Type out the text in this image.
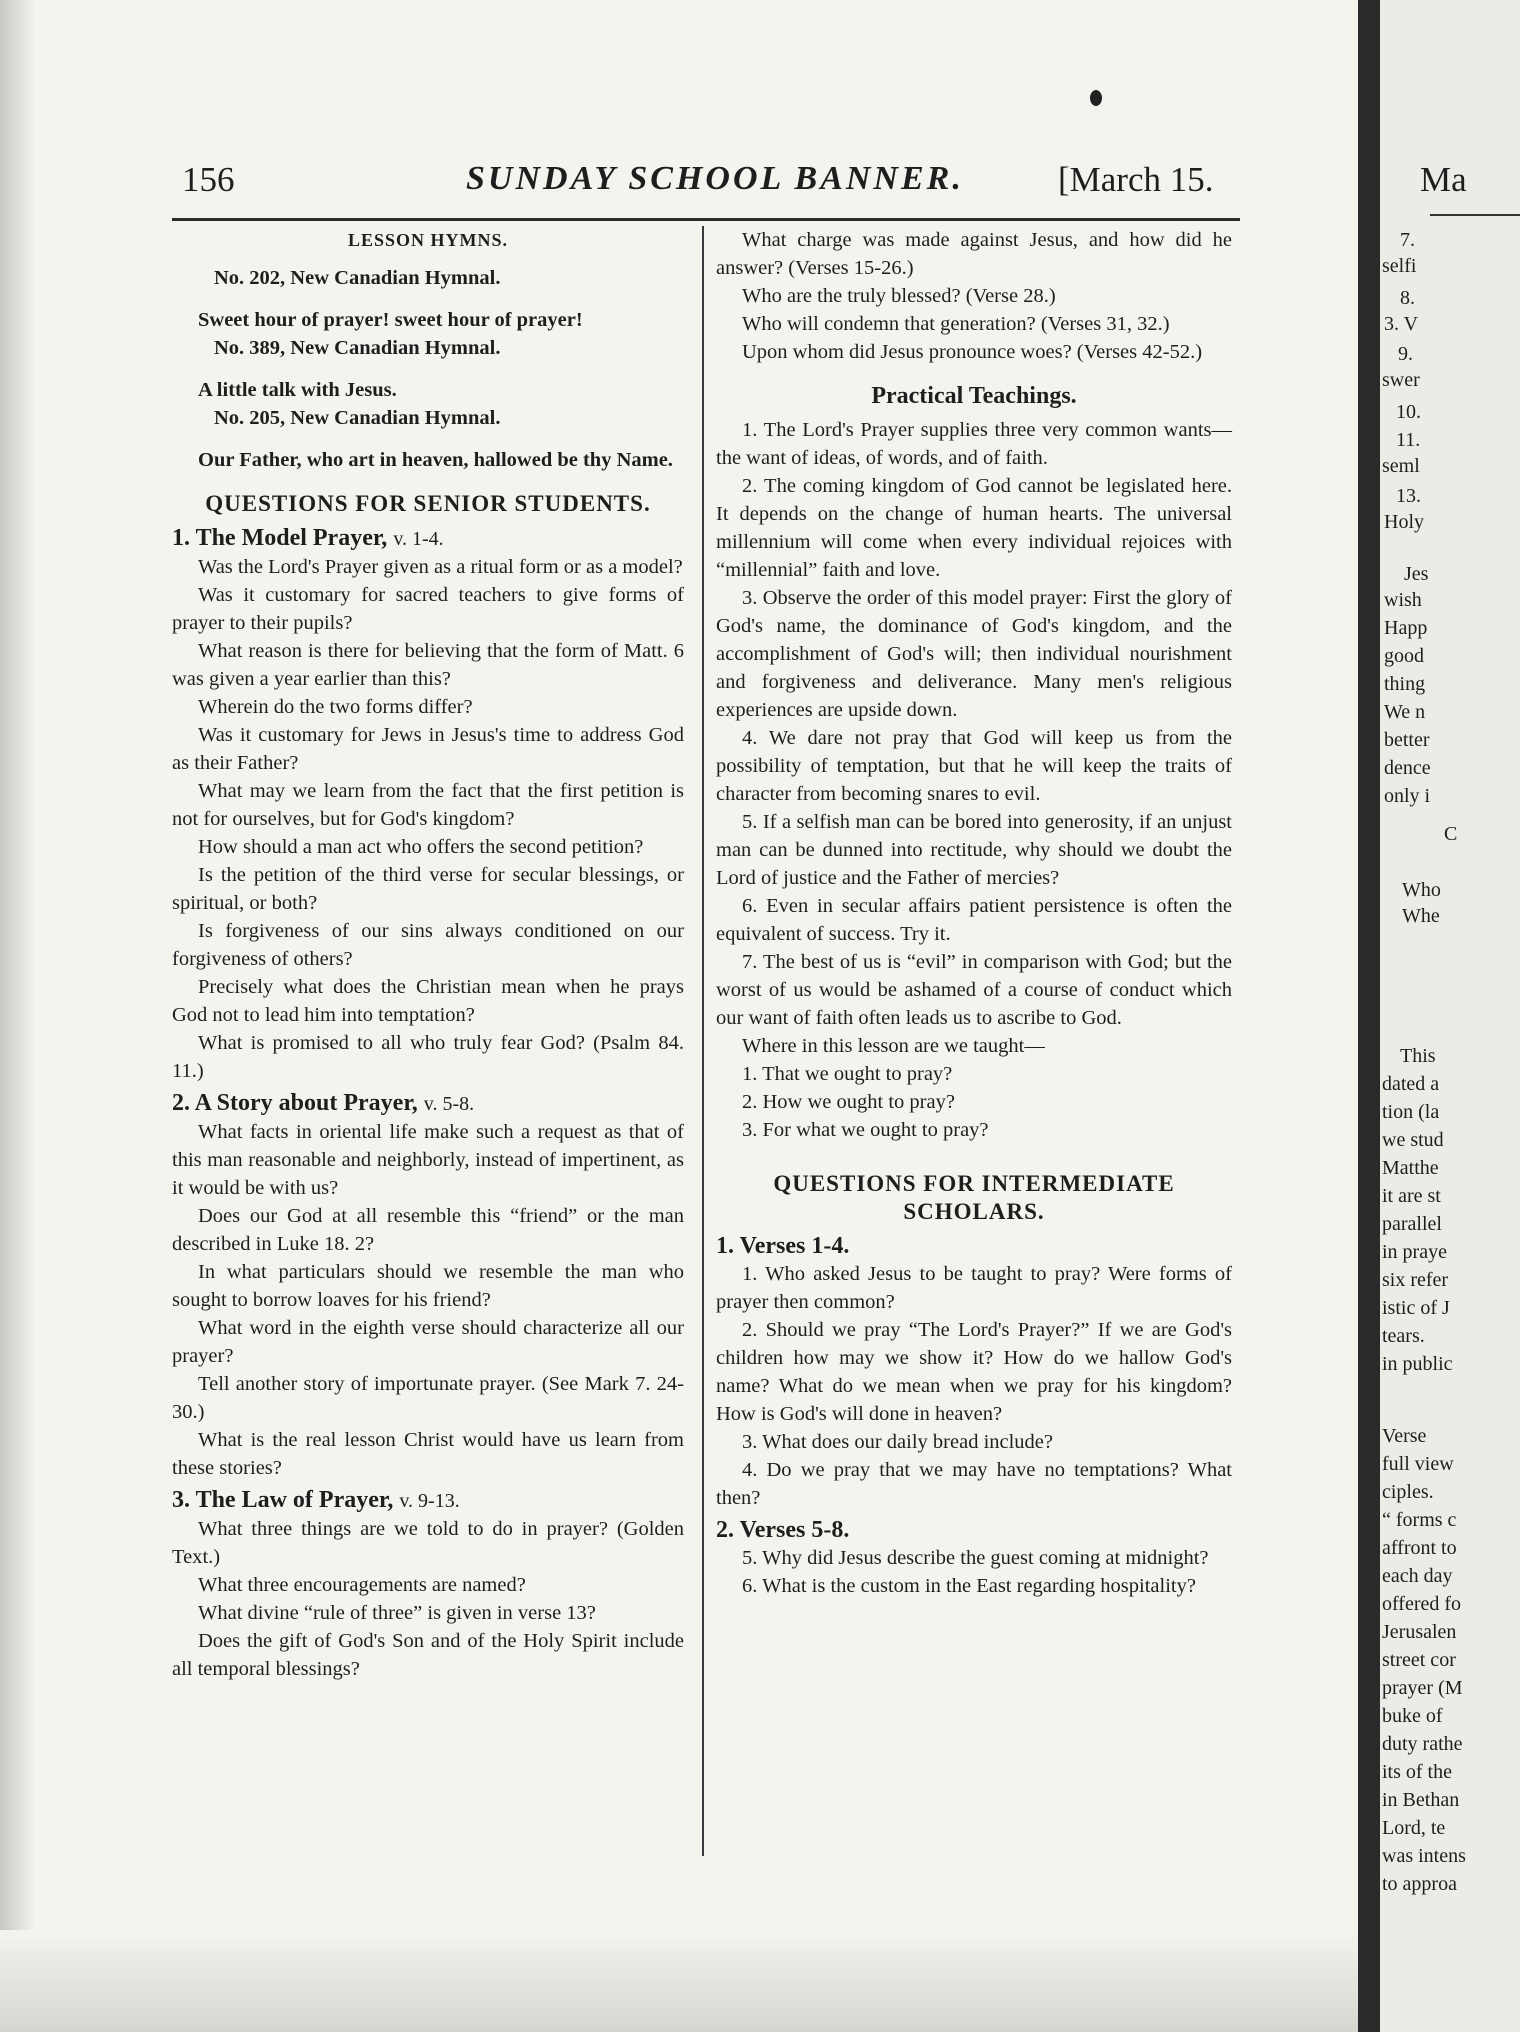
156	SUNDAY SCHOOL BANNER.	[March 15.
LESSON HYMNS.
No. 202, New Canadian Hymnal.

Sweet hour of prayer! sweet hour of prayer!

No. 389, New Canadian Hymnal.

A little talk with Jesus.

No. 205, New Canadian Hymnal.

Our Father, who art in heaven, hallowed be thy Name.

QUESTIONS FOR SENIOR STUDENTS.
1. The Model Prayer, v. 1-4.

Was the Lord's Prayer given as a ritual form or as a model?

Was it customary for sacred teachers to give forms of prayer to their pupils?

What reason is there for believing that the form of Matt. 6 was given a year earlier than this?

Wherein do the two forms differ?

Was it customary for Jews in Jesus's time to address God as their Father?

What may we learn from the fact that the first petition is not for ourselves, but for God's kingdom?

How should a man act who offers the second petition?

Is the petition of the third verse for secular blessings, or spiritual, or both?

Is forgiveness of our sins always conditioned on our forgiveness of others?

Precisely what does the Christian mean when he prays God not to lead him into temptation?

What is promised to all who truly fear God? (Psalm 84. 11.)

2. A Story about Prayer, v. 5-8.

What facts in oriental life make such a request as that of this man reasonable and neighborly, instead of impertinent, as it would be with us?

Does our God at all resemble this “friend” or the man described in Luke 18. 2?

In what particulars should we resemble the man who sought to borrow loaves for his friend?

What word in the eighth verse should characterize all our prayer?

Tell another story of importunate prayer. (See Mark 7. 24-30.)

What is the real lesson Christ would have us learn from these stories?

3. The Law of Prayer, v. 9-13.

What three things are we told to do in prayer? (Golden Text.)

What three encouragements are named?

What divine “rule of three” is given in verse 13?

Does the gift of God's Son and of the Holy Spirit include all temporal blessings?

What charge was made against Jesus, and how did he answer? (Verses 15-26.)

Who are the truly blessed? (Verse 28.)

Who will condemn that generation? (Verses 31, 32.)

Upon whom did Jesus pronounce woes? (Verses 42-52.)

Practical Teachings.

1. The Lord's Prayer supplies three very common wants—the want of ideas, of words, and of faith.

2. The coming kingdom of God cannot be legislated here. It depends on the change of human hearts. The universal millennium will come when every individual rejoices with “millennial” faith and love.

3. Observe the order of this model prayer: First the glory of God's name, the dominance of God's kingdom, and the accomplishment of God's will; then individual nourishment and forgiveness and deliverance. Many men's religious experiences are upside down.

4. We dare not pray that God will keep us from the possibility of temptation, but that he will keep the traits of character from becoming snares to evil.

5. If a selfish man can be bored into generosity, if an unjust man can be dunned into rectitude, why should we doubt the Lord of justice and the Father of mercies?

6. Even in secular affairs patient persistence is often the equivalent of success. Try it.

7. The best of us is “evil” in comparison with God; but the worst of us would be ashamed of a course of conduct which our want of faith often leads us to ascribe to God.

Where in this lesson are we taught—

1. That we ought to pray?

2. How we ought to pray?

3. For what we ought to pray?

QUESTIONS FOR INTERMEDIATE
SCHOLARS.
1. Verses 1-4.

1. Who asked Jesus to be taught to pray? Were forms of prayer then common?

2. Should we pray “The Lord's Prayer?” If we are God's children how may we show it? How do we hallow God's name? What do we mean when we pray for his kingdom? How is God's will done in heaven?

3. What does our daily bread include?

4. Do we pray that we may have no temptations? What then?

2. Verses 5-8.

5. Why did Jesus describe the guest coming at midnight?

6. What is the custom in the East regarding hospitality?

7.
selfi
8.
3. V
9.
swer
10.
11.
seml
13.
Holy
Jes
wish
Happ
good
thing
We n
better
dence
only i
C
Who
Whe
This
dated a
tion (la
we stud
Matthe
it are st
parallel
in praye
six refer
istic of J
tears.
in public
Verse
full view
ciples.
“ forms c
affront to
each day
offered fo
Jerusalen
street cor
prayer (M
buke of
duty rathe
its of the
in Bethan
Lord, te
was intens
to approa
Ma
